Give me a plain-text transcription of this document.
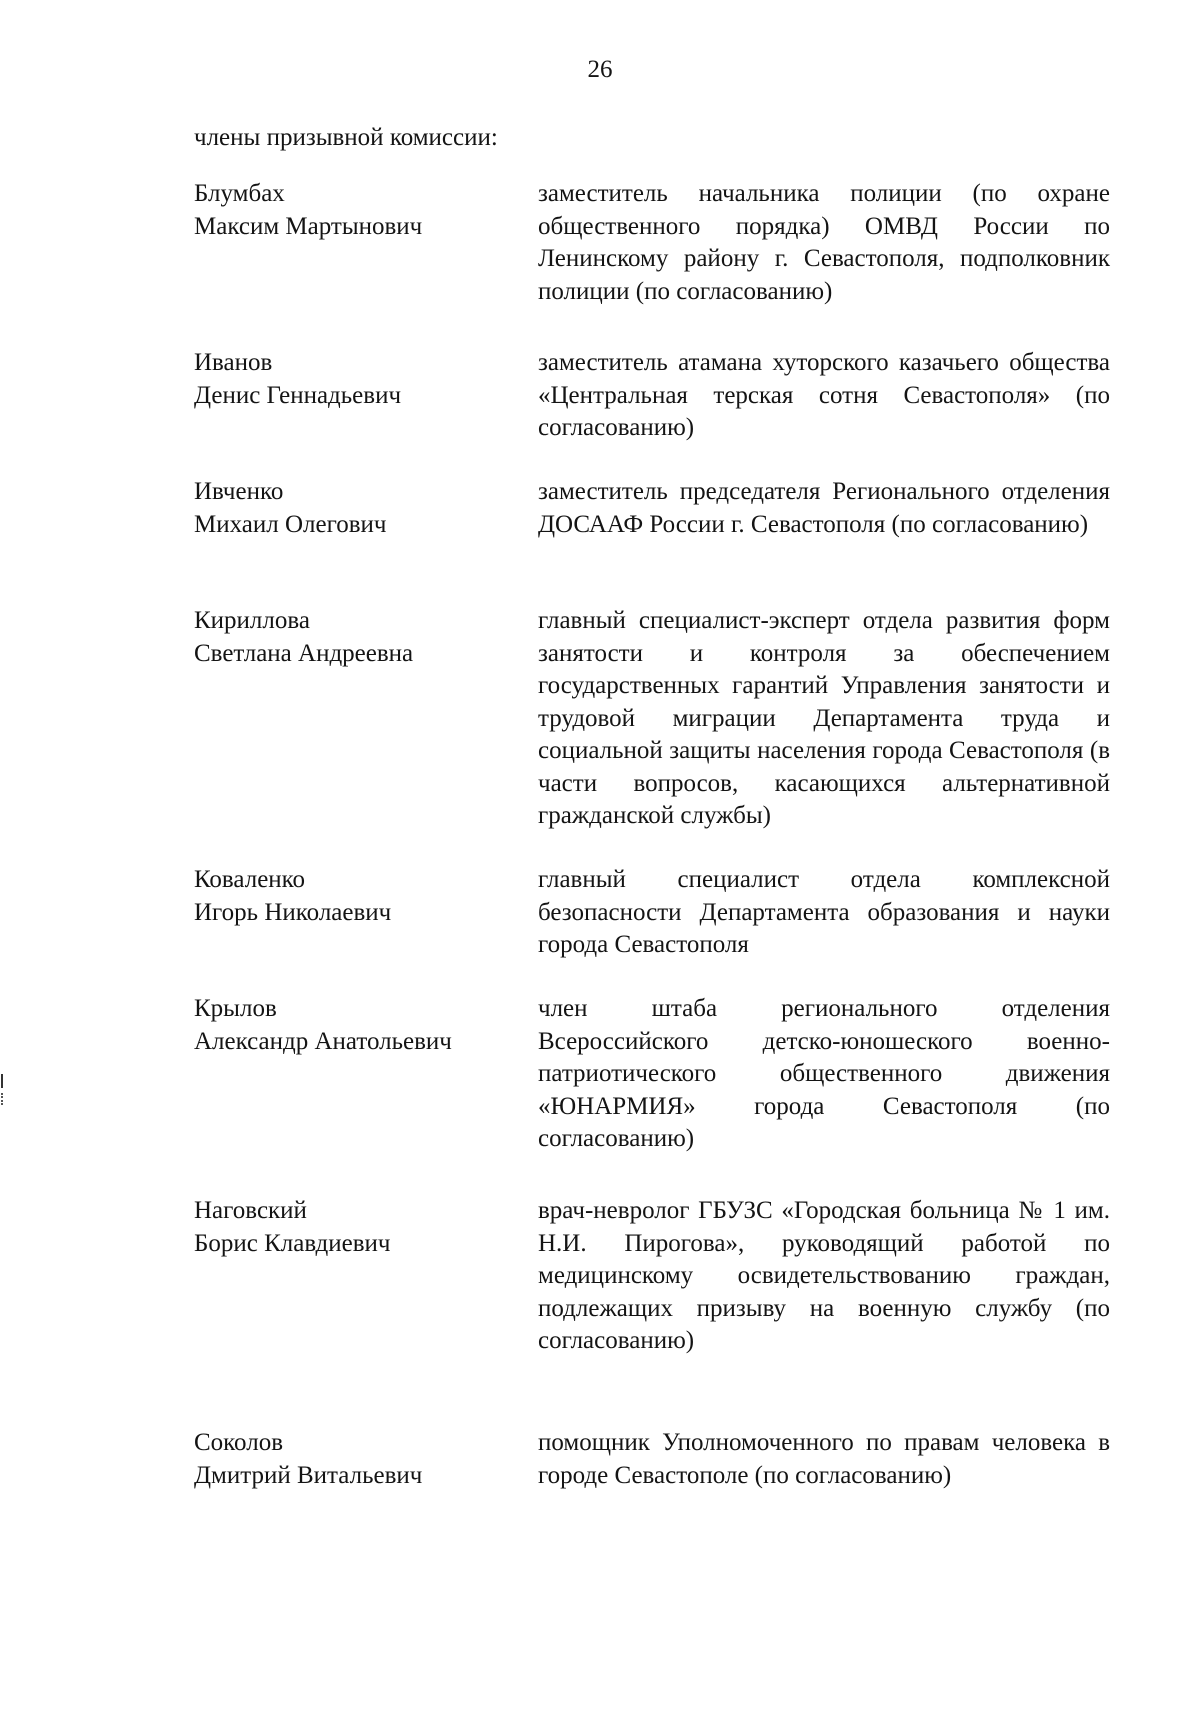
26
члены призывной комиссии:
Блумбах
Максим Мартынович
заместитель начальника полиции (по охране общественного порядка) ОМВД России по Ленинскому району г. Севастополя, подполковник полиции (по согласованию)
Иванов
Денис Геннадьевич
заместитель атамана хуторского казачьего общества «Центральная терская сотня Севастополя» (по согласованию)
Ивченко
Михаил Олегович
заместитель председателя Регионального отделения ДОСААФ России г. Севастополя (по согласованию)
Кириллова
Светлана Андреевна
главный специалист-эксперт отдела развития форм занятости и контроля за обеспечением государственных гарантий Управления занятости и трудовой миграции Департамента труда и социальной защиты населения города Севастополя (в части вопросов, касающихся альтернативной гражданской службы)
Коваленко
Игорь Николаевич
главный специалист отдела комплексной безопасности Департамента образования и науки города Севастополя
Крылов
Александр Анатольевич
член штаба регионального отделения Всероссийского детско-юношеского военно-патриотического общественного движения «ЮНАРМИЯ» города Севастополя (по согласованию)
Наговский
Борис Клавдиевич
врач-невролог ГБУЗС «Городская больница № 1 им. Н.И. Пирогова», руководящий работой по медицинскому освидетельствованию граждан, подлежащих призыву на военную службу (по согласованию)
Соколов
Дмитрий Витальевич
помощник Уполномоченного по правам человека в городе Севастополе (по согласованию)
